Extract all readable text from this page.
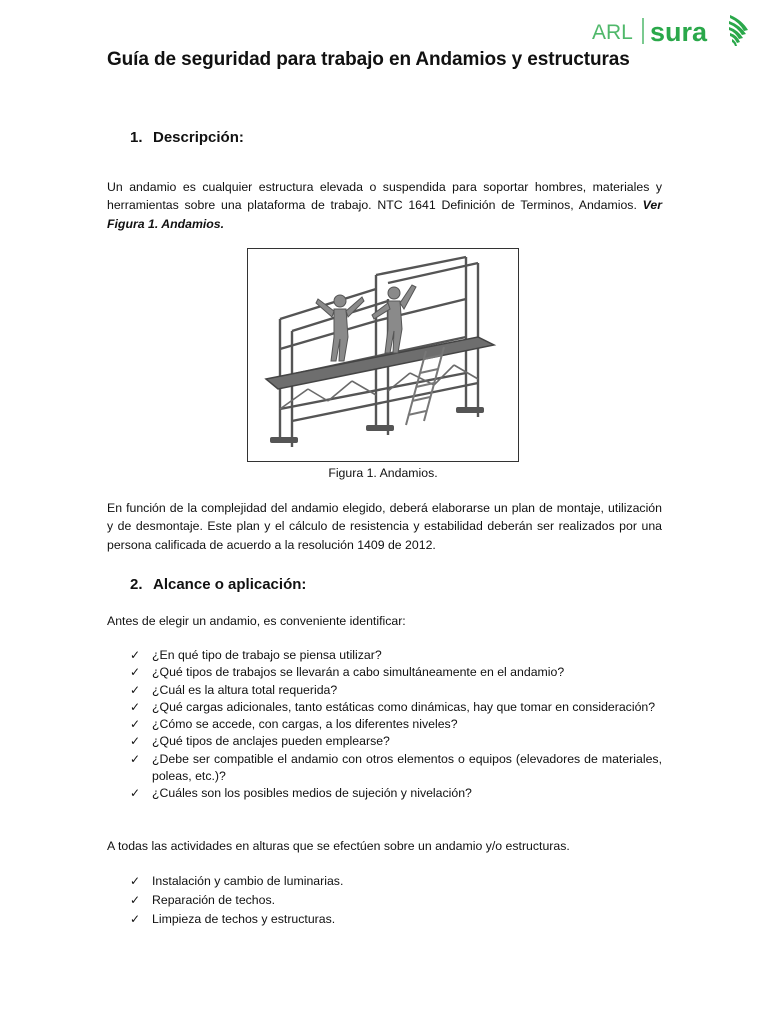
ARL sura
Guía de seguridad para trabajo en Andamios y estructuras
1. Descripción:

Un andamio es cualquier estructura elevada o suspendida para soportar hombres, materiales y herramientas sobre una plataforma de trabajo. NTC 1641 Definición de Terminos, Andamios. Ver Figura 1. Andamios.

Figura 1. Andamios.

En función de la complejidad del andamio elegido, deberá elaborarse un plan de montaje, utilización y de desmontaje. Este plan y el cálculo de resistencia y estabilidad deberán ser realizados por una persona calificada de acuerdo a la resolución 1409 de 2012.

2. Alcance o aplicación:

Antes de elegir un andamio, es conveniente identificar:

✓ ¿En qué tipo de trabajo se piensa utilizar?
✓ ¿Qué tipos de trabajos se llevarán a cabo simultáneamente en el andamio?
✓ ¿Cuál es la altura total requerida?
✓ ¿Qué cargas adicionales, tanto estáticas como dinámicas, hay que tomar en consideración?
✓ ¿Cómo se accede, con cargas, a los diferentes niveles?
✓ ¿Qué tipos de anclajes pueden emplearse?
✓ ¿Debe ser compatible el andamio con otros elementos o equipos (elevadores de materiales, poleas, etc.)?
✓ ¿Cuáles son los posibles medios de sujeción y nivelación?

A todas las actividades en alturas que se efectúen sobre un andamio y/o estructuras.

✓ Instalación y cambio de luminarias.
✓ Reparación de techos.
✓ Limpieza de techos y estructuras.
